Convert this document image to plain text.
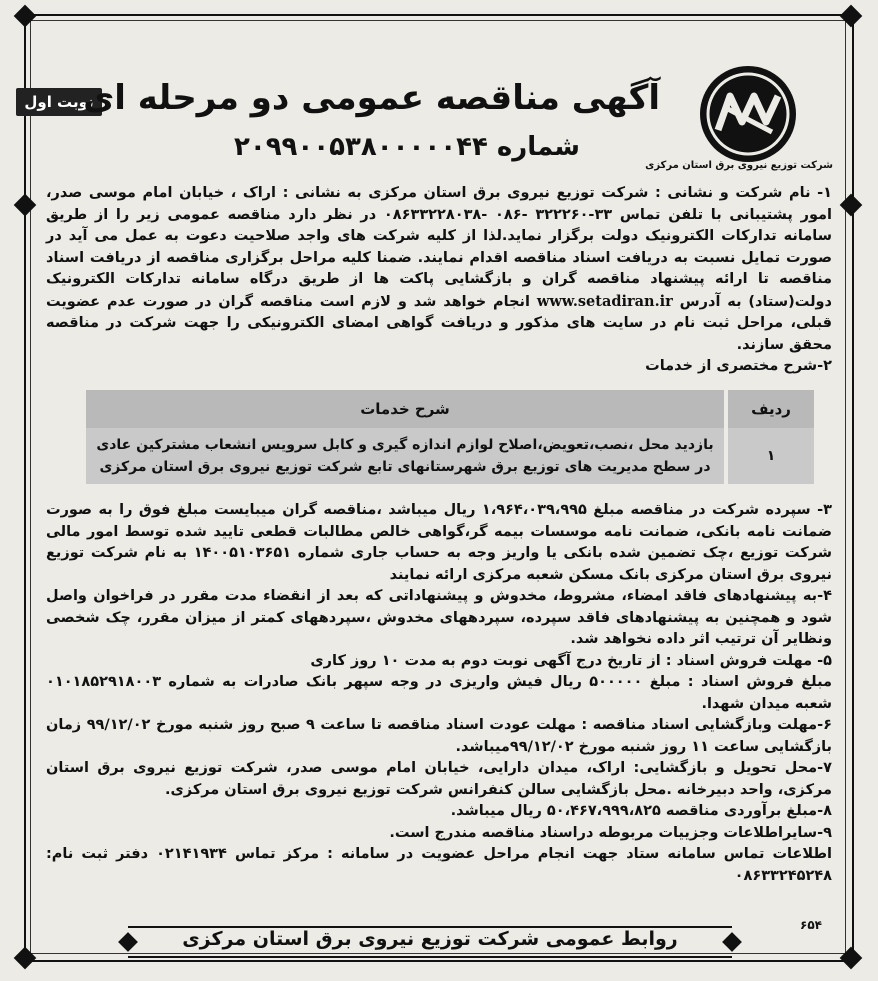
نوبت اول
آگهی مناقصه عمومی دو مرحله ای
شماره ۲۰۹۹۰۰۵۳۸۰۰۰۰۰۴۴
شرکت توزیع نیروی برق استان مرکزی

۱- نام شرکت و نشانی : شرکت توزیع نیروی برق استان مرکزی به نشانی : اراک ، خیابان امام موسی صدر، امور پشتیبانی با تلفن تماس ۳۳-۳۲۲۲۶۰ -۰۸۶ -۰۸۶۳۳۲۲۸۰۳۸ در نظر دارد مناقصه عمومی زیر را از طریق سامانه تدارکات الکترونیک دولت برگزار نماید.لذا از کلیه شرکت های واجد صلاحیت دعوت به عمل می آید در صورت تمایل نسبت به دریافت اسناد مناقصه اقدام نمایند. ضمنا کلیه مراحل برگزاری مناقصه از دریافت اسناد مناقصه تا ارائه پیشنهاد مناقصه گران و بازگشایی پاکت ها از طریق درگاه سامانه تدارکات الکترونیک دولت(ستاد) به آدرس www.setadiran.ir انجام خواهد شد و لازم است مناقصه گران در صورت عدم عضویت قبلی، مراحل ثبت نام در سایت های مذکور و دریافت گواهی امضای الکترونیکی را جهت شرکت در مناقصه محقق سازند.

۲-شرح مختصری از خدمات

ردیف	شرح خدمات
۱	بازدید محل ،نصب،تعویض،اصلاح لوازم اندازه گیری و کابل سرویس انشعاب مشترکین عادی در سطح مدیریت های توزیع برق شهرستانهای تابع شرکت توزیع نیروی برق استان مرکزی

۳- سپرده شرکت در مناقصه مبلغ ۱،۹۶۴،۰۳۹،۹۹۵ ریال میباشد ،مناقصه گران میبایست مبلغ فوق را به صورت ضمانت نامه بانکی، ضمانت نامه موسسات بیمه گر،گواهی خالص مطالبات قطعی تایید شده توسط امور مالی شرکت توزیع ،چک تضمین شده بانکی یا واریز وجه به حساب جاری شماره ۱۴۰۰۵۱۰۳۶۵۱ به نام شرکت توزیع نیروی برق استان مرکزی بانک مسکن شعبه مرکزی ارائه نمایند

۴-به پیشنهادهای فاقد امضاء، مشروط، مخدوش و پیشنهاداتی که بعد از انقضاء مدت مقرر در فراخوان واصل شود و همچنین به پیشنهادهای فاقد سپرده، سپردههای مخدوش ،سپردههای کمتر از میزان مقرر، چک شخصی ونظایر آن ترتیب اثر داده نخواهد شد.

۵- مهلت فروش اسناد : از تاریخ درج آگهی نوبت دوم به مدت ۱۰ روز کاری

مبلغ فروش اسناد : مبلغ ۵۰۰۰۰۰ ریال فیش واریزی در وجه سپهر بانک صادرات به شماره ۰۱۰۱۸۵۲۹۱۸۰۰۳ شعبه میدان شهدا.

۶-مهلت وبازگشایی اسناد مناقصه : مهلت عودت اسناد مناقصه تا ساعت ۹ صبح روز شنبه مورخ ۹۹/۱۲/۰۲ زمان بازگشایی ساعت ۱۱ روز شنبه مورخ ۹۹/۱۲/۰۲میباشد.

۷-محل تحویل و بازگشایی: اراک، میدان دارایی، خیابان امام موسی صدر، شرکت توزیع نیروی برق استان مرکزی، واحد دبیرخانه .محل بازگشایی سالن کنفرانس شرکت توزیع نیروی برق استان مرکزی.

۸-مبلغ برآوردی مناقصه ۵۰،۴۶۷،۹۹۹،۸۲۵ ریال میباشد.

۹-سایراطلاعات وجزییات مربوطه دراسناد مناقصه مندرج است.

اطلاعات تماس سامانه ستاد جهت انجام مراحل عضویت در سامانه : مرکز تماس ۰۲۱۴۱۹۳۴ دفتر ثبت نام: ۰۸۶۳۳۲۴۵۲۴۸

روابط عمومی شرکت توزیع نیروی برق استان مرکزی
۶۵۴
